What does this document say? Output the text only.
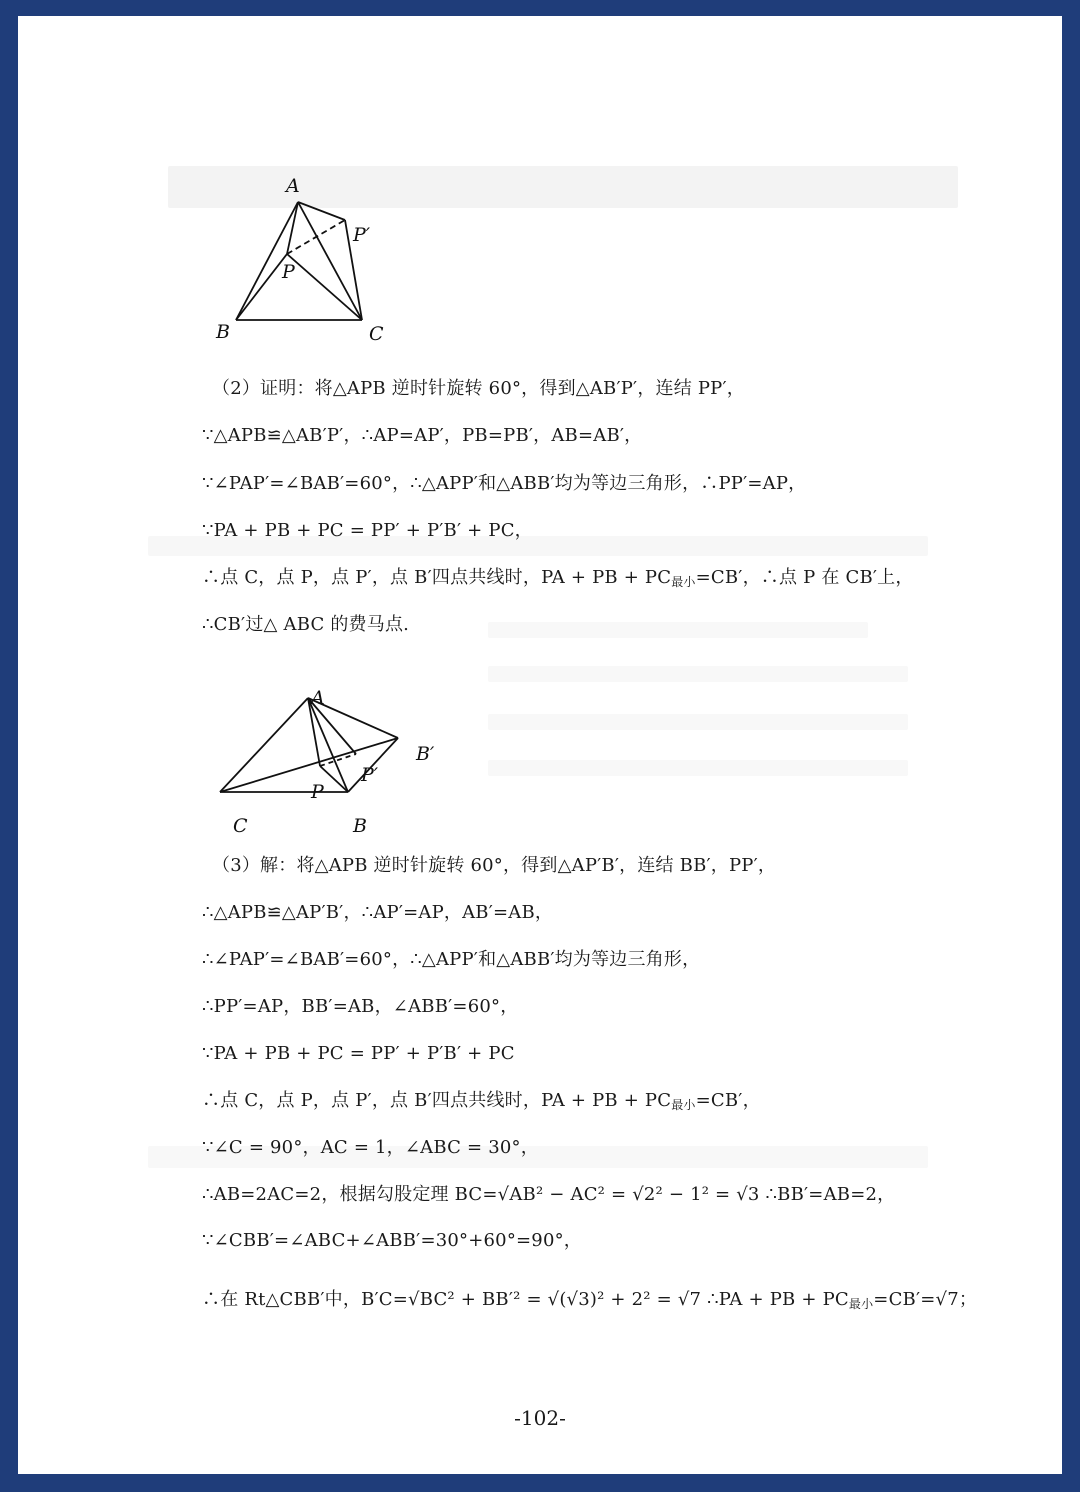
A
P′
P
B	C
（2）证明：将△APB 逆时针旋转 60°，得到△AB′P′，连结 PP′，
∵△APB≌△AB′P′，∴AP=AP′，PB=PB′，AB=AB′，
∵∠PAP′=∠BAB′=60°，∴△APP′和△ABB′均为等边三角形，∴PP′=AP，
∵PA + PB + PC = PP′ + P′B′ + PC，
∴点 C，点 P，点 P′，点 B′四点共线时，PA + PB + $PC_{最小}=CB'$，∴点 P 在 CB′上，
∴CB′过△ ABC 的费马点.
A
B′
P′
P
C	B
（3）解：将△APB 逆时针旋转 60°，得到△AP′B′，连结 BB′，PP′，
∴△APB≌△AP′B′，∴AP′=AP，AB′=AB，
∴∠PAP′=∠BAB′=60°，∴△APP′和△ABB′均为等边三角形，
∴PP′=AP，BB′=AB，∠ABB′=60°，
∵PA + PB + PC = PP′ + P′B′ + PC
∴点 C，点 P，点 P′，点 B′四点共线时，PA + PB + $PC_{最小}=CB'$，
∵∠C = 90°，AC = 1，∠ABC = 30°，
∴AB=2AC=2，根据勾股定理 BC=√AB² − AC² = √2² − 1² = √3 ∴BB′=AB=2，
∵∠CBB′=∠ABC+∠ABB′=30°+60°=90°，
∴在 Rt△CBB′中，B′C=√BC² + BB′² = √(√3)² + 2² = √7 ∴PA + PB + $PC_{最小}=CB'=√7$；
-102-
